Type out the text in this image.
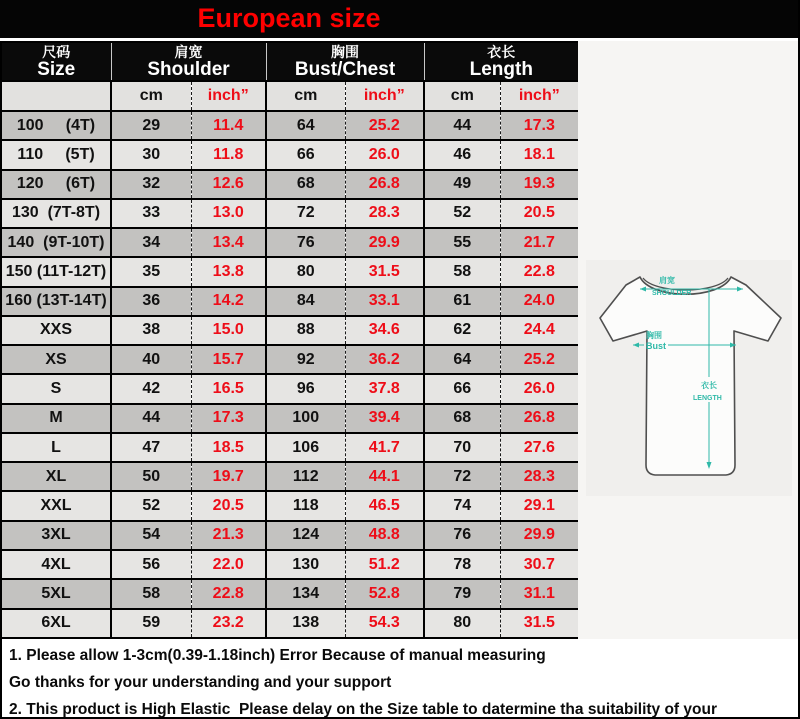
European size
尺码
Size

肩宽
Shoulder

胸围
Bust/Chest

衣长
Length

	cm	inch”	cm	inch”	cm	inch”
100     (4T)	29	11.4	64	25.2	44	17.3
110     (5T)	30	11.8	66	26.0	46	18.1
120     (6T)	32	12.6	68	26.8	49	19.3
130  (7T-8T)	33	13.0	72	28.3	52	20.5
140  (9T-10T)	34	13.4	76	29.9	55	21.7
150 (11T-12T)	35	13.8	80	31.5	58	22.8
160 (13T-14T)	36	14.2	84	33.1	61	24.0
XXS	38	15.0	88	34.6	62	24.4
XS	40	15.7	92	36.2	64	25.2
S	42	16.5	96	37.8	66	26.0
M	44	17.3	100	39.4	68	26.8
L	47	18.5	106	41.7	70	27.6
XL	50	19.7	112	44.1	72	28.3
XXL	52	20.5	118	46.5	74	29.1
3XL	54	21.3	124	48.8	76	29.9
4XL	56	22.0	130	51.2	78	30.7
5XL	58	22.8	134	52.8	79	31.1
6XL	59	23.2	138	54.3	80	31.5
肩宽
SHOULDER
胸围
Bust
衣长
LENGTH

1. Please allow 1-3cm(0.39-1.18inch) Error Because of manual measuring

Go thanks for your understanding and your support

2. This product is High Elastic  Please delay on the Size table to datermine tha suitability of your
